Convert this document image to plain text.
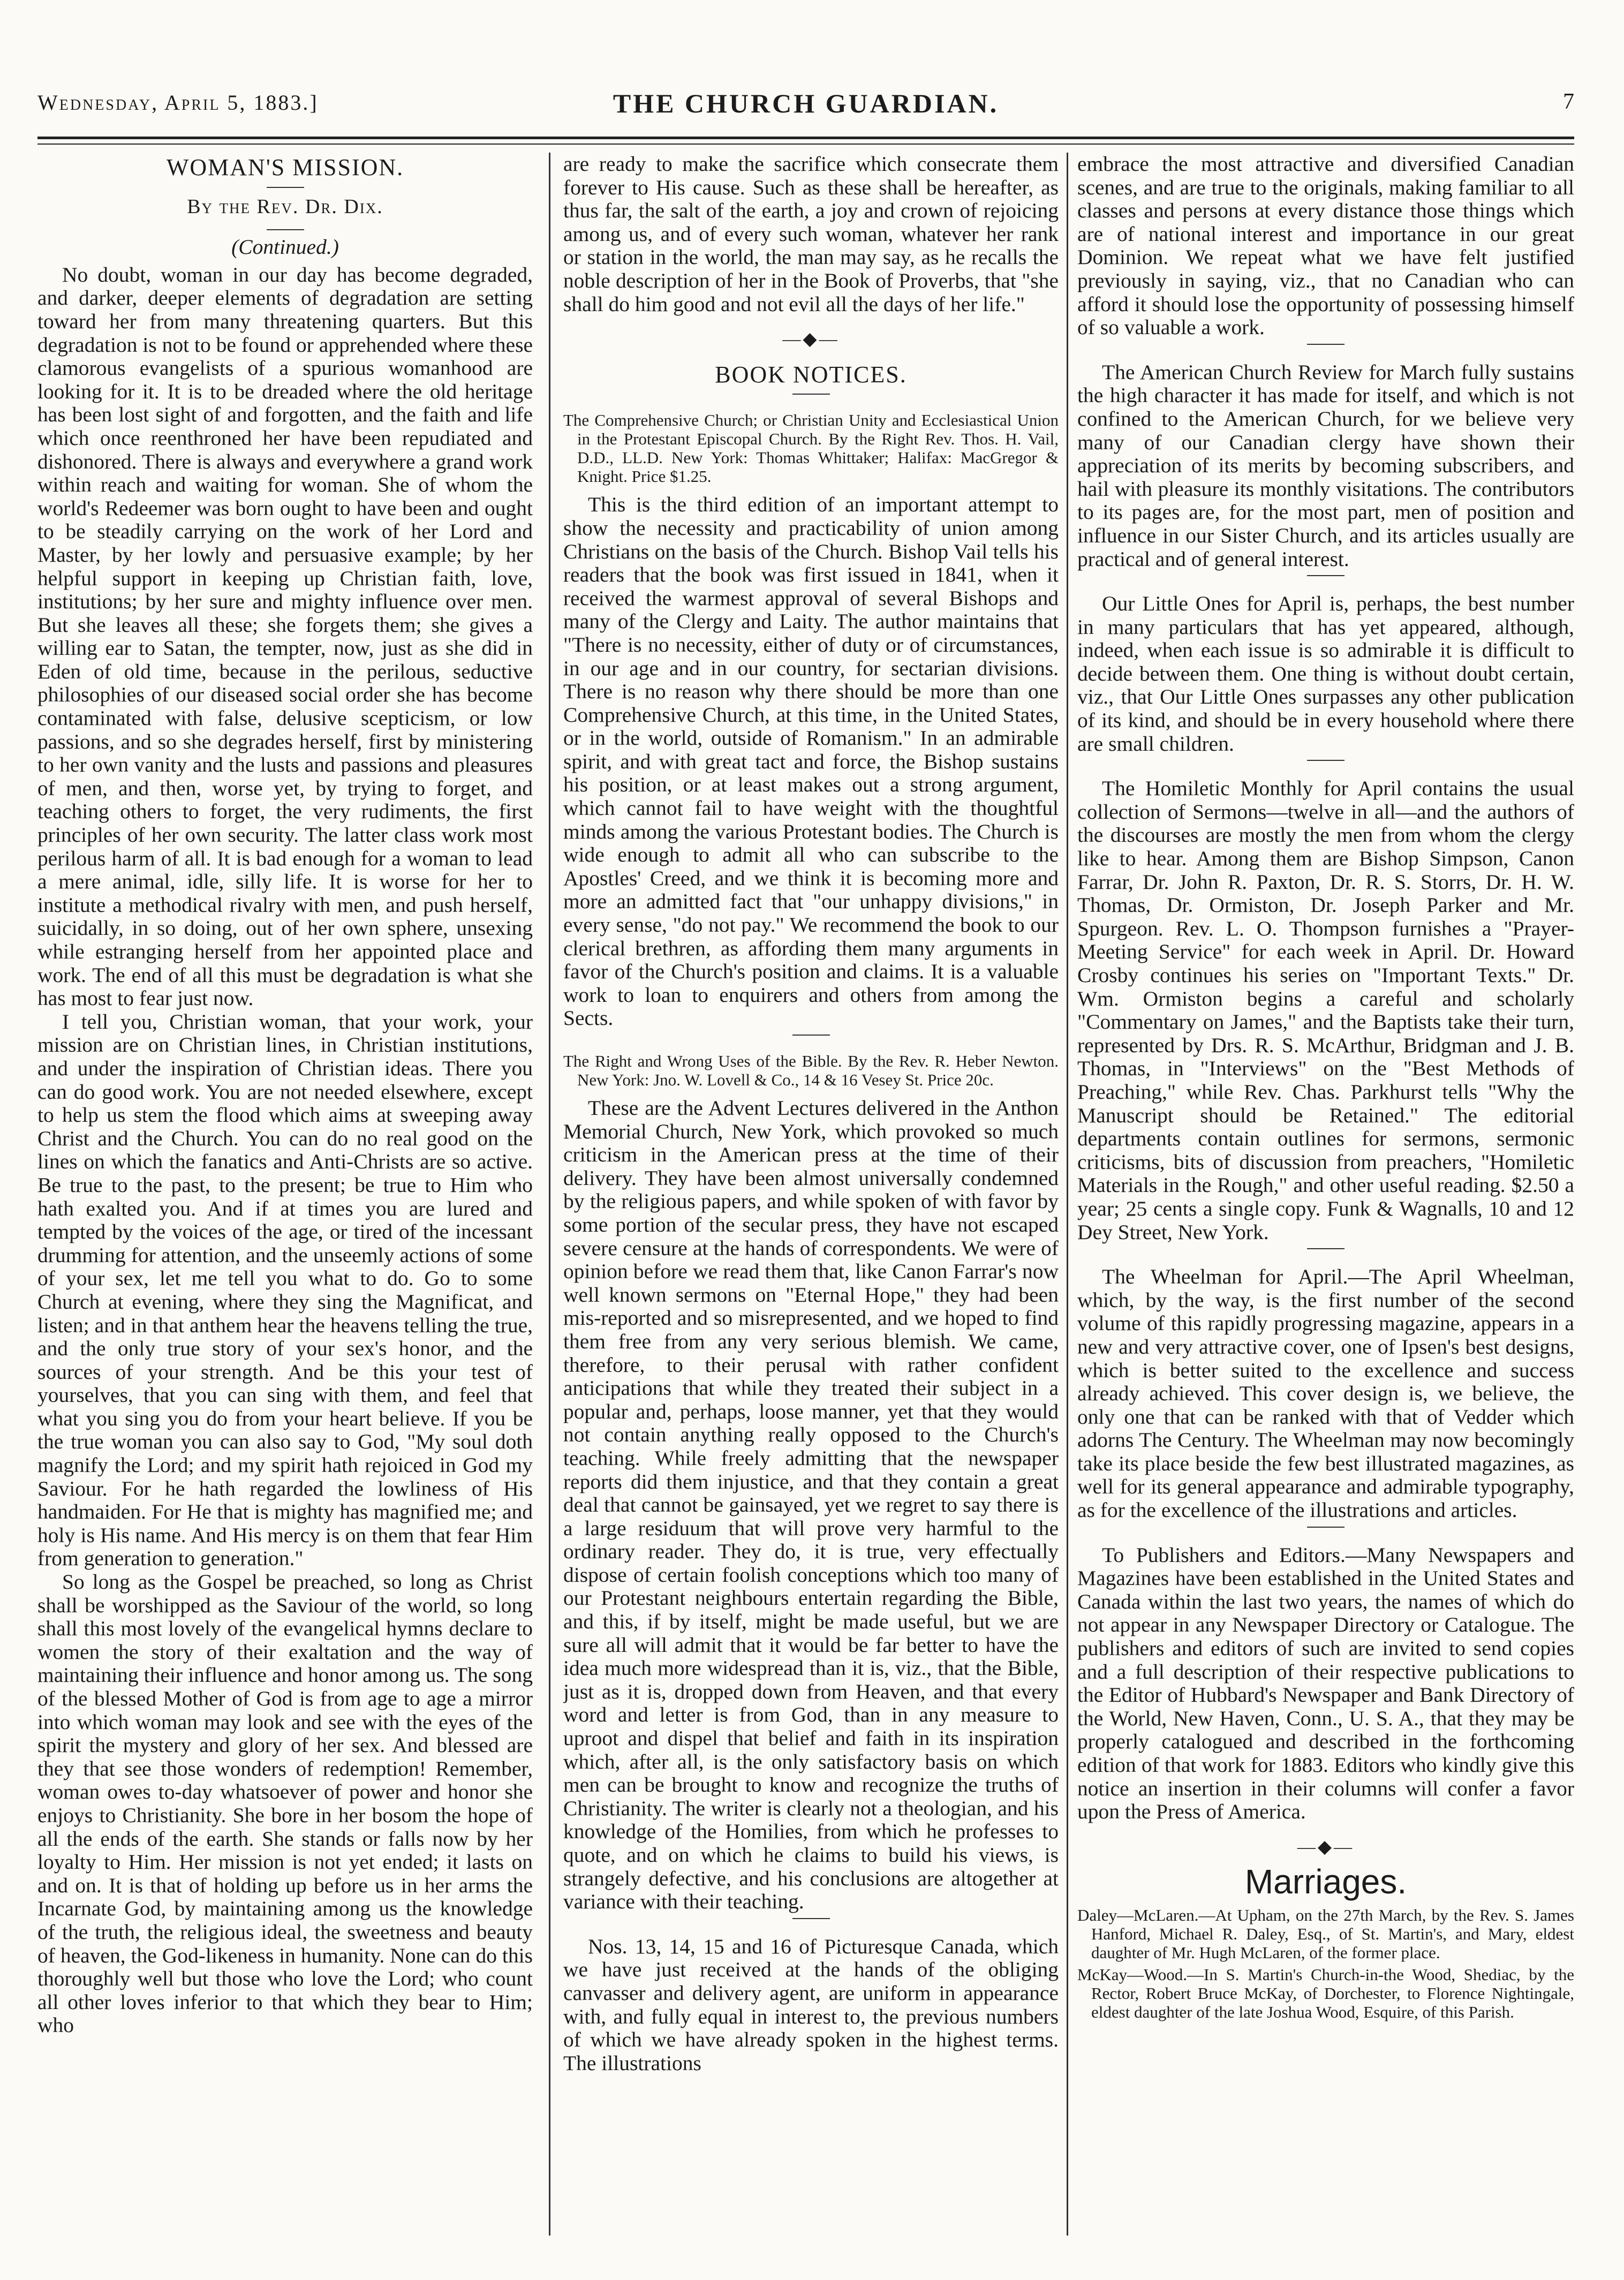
Wednesday, April 5, 1883.]	THE CHURCH GUARDIAN.	7
WOMAN'S MISSION.
By the Rev. Dr. Dix.
(Continued.)

No doubt, woman in our day has become degraded, and darker, deeper elements of degradation are setting toward her from many threatening quarters. But this degradation is not to be found or apprehended where these clamorous evangelists of a spurious womanhood are looking for it. It is to be dreaded where the old heritage has been lost sight of and forgotten, and the faith and life which once reenthroned her have been repudiated and dishonored. There is always and everywhere a grand work within reach and waiting for woman. She of whom the world's Redeemer was born ought to have been and ought to be steadily carrying on the work of her Lord and Master, by her lowly and persuasive example; by her helpful support in keeping up Christian faith, love, institutions; by her sure and mighty influence over men. But she leaves all these; she forgets them; she gives a willing ear to Satan, the tempter, now, just as she did in Eden of old time, because in the perilous, seductive philosophies of our diseased social order she has become contaminated with false, delusive scepticism, or low passions, and so she degrades herself, first by ministering to her own vanity and the lusts and passions and pleasures of men, and then, worse yet, by trying to forget, and teaching others to forget, the very rudiments, the first principles of her own security. The latter class work most perilous harm of all. It is bad enough for a woman to lead a mere animal, idle, silly life. It is worse for her to institute a methodical rivalry with men, and push herself, suicidally, in so doing, out of her own sphere, unsexing while estranging herself from her appointed place and work. The end of all this must be degradation is what she has most to fear just now.

I tell you, Christian woman, that your work, your mission are on Christian lines, in Christian institutions, and under the inspiration of Christian ideas. There you can do good work. You are not needed elsewhere, except to help us stem the flood which aims at sweeping away Christ and the Church. You can do no real good on the lines on which the fanatics and Anti-Christs are so active. Be true to the past, to the present; be true to Him who hath exalted you. And if at times you are lured and tempted by the voices of the age, or tired of the incessant drumming for attention, and the unseemly actions of some of your sex, let me tell you what to do. Go to some Church at evening, where they sing the Magnificat, and listen; and in that anthem hear the heavens telling the true, and the only true story of your sex's honor, and the sources of your strength. And be this your test of yourselves, that you can sing with them, and feel that what you sing you do from your heart believe. If you be the true woman you can also say to God, "My soul doth magnify the Lord; and my spirit hath rejoiced in God my Saviour. For he hath regarded the lowliness of His handmaiden. For He that is mighty has magnified me; and holy is His name. And His mercy is on them that fear Him from generation to generation."

So long as the Gospel be preached, so long as Christ shall be worshipped as the Saviour of the world, so long shall this most lovely of the evangelical hymns declare to women the story of their exaltation and the way of maintaining their influence and honor among us. The song of the blessed Mother of God is from age to age a mirror into which woman may look and see with the eyes of the spirit the mystery and glory of her sex. And blessed are they that see those wonders of redemption! Remember, woman owes to-day whatsoever of power and honor she enjoys to Christianity. She bore in her bosom the hope of all the ends of the earth. She stands or falls now by her loyalty to Him. Her mission is not yet ended; it lasts on and on. It is that of holding up before us in her arms the Incarnate God, by maintaining among us the knowledge of the truth, the religious ideal, the sweetness and beauty of heaven, the God-likeness in humanity. None can do this thoroughly well but those who love the Lord; who count all other loves inferior to that which they bear to Him; who

are ready to make the sacrifice which consecrate them forever to His cause. Such as these shall be hereafter, as thus far, the salt of the earth, a joy and crown of rejoicing among us, and of every such woman, whatever her rank or station in the world, the man may say, as he recalls the noble description of her in the Book of Proverbs, that "she shall do him good and not evil all the days of her life."

—◆—
BOOK NOTICES.
The Comprehensive Church; or Christian Unity and Ecclesiastical Union in the Protestant Episcopal Church. By the Right Rev. Thos. H. Vail, D.D., LL.D. New York: Thomas Whittaker; Halifax: MacGregor & Knight. Price $1.25.

This is the third edition of an important attempt to show the necessity and practicability of union among Christians on the basis of the Church. Bishop Vail tells his readers that the book was first issued in 1841, when it received the warmest approval of several Bishops and many of the Clergy and Laity. The author maintains that "There is no necessity, either of duty or of circumstances, in our age and in our country, for sectarian divisions. There is no reason why there should be more than one Comprehensive Church, at this time, in the United States, or in the world, outside of Romanism." In an admirable spirit, and with great tact and force, the Bishop sustains his position, or at least makes out a strong argument, which cannot fail to have weight with the thoughtful minds among the various Protestant bodies. The Church is wide enough to admit all who can subscribe to the Apostles' Creed, and we think it is becoming more and more an admitted fact that "our unhappy divisions," in every sense, "do not pay." We recommend the book to our clerical brethren, as affording them many arguments in favor of the Church's position and claims. It is a valuable work to loan to enquirers and others from among the Sects.

The Right and Wrong Uses of the Bible. By the Rev. R. Heber Newton. New York: Jno. W. Lovell & Co., 14 & 16 Vesey St. Price 20c.

These are the Advent Lectures delivered in the Anthon Memorial Church, New York, which provoked so much criticism in the American press at the time of their delivery. They have been almost universally condemned by the religious papers, and while spoken of with favor by some portion of the secular press, they have not escaped severe censure at the hands of correspondents. We were of opinion before we read them that, like Canon Farrar's now well known sermons on "Eternal Hope," they had been mis-reported and so misrepresented, and we hoped to find them free from any very serious blemish. We came, therefore, to their perusal with rather confident anticipations that while they treated their subject in a popular and, perhaps, loose manner, yet that they would not contain anything really opposed to the Church's teaching. While freely admitting that the newspaper reports did them injustice, and that they contain a great deal that cannot be gainsayed, yet we regret to say there is a large residuum that will prove very harmful to the ordinary reader. They do, it is true, very effectually dispose of certain foolish conceptions which too many of our Protestant neighbours entertain regarding the Bible, and this, if by itself, might be made useful, but we are sure all will admit that it would be far better to have the idea much more widespread than it is, viz., that the Bible, just as it is, dropped down from Heaven, and that every word and letter is from God, than in any measure to uproot and dispel that belief and faith in its inspiration which, after all, is the only satisfactory basis on which men can be brought to know and recognize the truths of Christianity. The writer is clearly not a theologian, and his knowledge of the Homilies, from which he professes to quote, and on which he claims to build his views, is strangely defective, and his conclusions are altogether at variance with their teaching.

Nos. 13, 14, 15 and 16 of Picturesque Canada, which we have just received at the hands of the obliging canvasser and delivery agent, are uniform in appearance with, and fully equal in interest to, the previous numbers of which we have already spoken in the highest terms. The illustrations

embrace the most attractive and diversified Canadian scenes, and are true to the originals, making familiar to all classes and persons at every distance those things which are of national interest and importance in our great Dominion. We repeat what we have felt justified previously in saying, viz., that no Canadian who can afford it should lose the opportunity of possessing himself of so valuable a work.

The American Church Review for March fully sustains the high character it has made for itself, and which is not confined to the American Church, for we believe very many of our Canadian clergy have shown their appreciation of its merits by becoming subscribers, and hail with pleasure its monthly visitations. The contributors to its pages are, for the most part, men of position and influence in our Sister Church, and its articles usually are practical and of general interest.

Our Little Ones for April is, perhaps, the best number in many particulars that has yet appeared, although, indeed, when each issue is so admirable it is difficult to decide between them. One thing is without doubt certain, viz., that Our Little Ones surpasses any other publication of its kind, and should be in every household where there are small children.

The Homiletic Monthly for April contains the usual collection of Sermons—twelve in all—and the authors of the discourses are mostly the men from whom the clergy like to hear. Among them are Bishop Simpson, Canon Farrar, Dr. John R. Paxton, Dr. R. S. Storrs, Dr. H. W. Thomas, Dr. Ormiston, Dr. Joseph Parker and Mr. Spurgeon. Rev. L. O. Thompson furnishes a "Prayer-Meeting Service" for each week in April. Dr. Howard Crosby continues his series on "Important Texts." Dr. Wm. Ormiston begins a careful and scholarly "Commentary on James," and the Baptists take their turn, represented by Drs. R. S. McArthur, Bridgman and J. B. Thomas, in "Interviews" on the "Best Methods of Preaching," while Rev. Chas. Parkhurst tells "Why the Manuscript should be Retained." The editorial departments contain outlines for sermons, sermonic criticisms, bits of discussion from preachers, "Homiletic Materials in the Rough," and other useful reading. $2.50 a year; 25 cents a single copy. Funk & Wagnalls, 10 and 12 Dey Street, New York.

The Wheelman for April.—The April Wheelman, which, by the way, is the first number of the second volume of this rapidly progressing magazine, appears in a new and very attractive cover, one of Ipsen's best designs, which is better suited to the excellence and success already achieved. This cover design is, we believe, the only one that can be ranked with that of Vedder which adorns The Century. The Wheelman may now becomingly take its place beside the few best illustrated magazines, as well for its general appearance and admirable typography, as for the excellence of the illustrations and articles.

To Publishers and Editors.—Many Newspapers and Magazines have been established in the United States and Canada within the last two years, the names of which do not appear in any Newspaper Directory or Catalogue. The publishers and editors of such are invited to send copies and a full description of their respective publications to the Editor of Hubbard's Newspaper and Bank Directory of the World, New Haven, Conn., U. S. A., that they may be properly catalogued and described in the forthcoming edition of that work for 1883. Editors who kindly give this notice an insertion in their columns will confer a favor upon the Press of America.

—◆—
Marriages.
Daley—McLaren.—At Upham, on the 27th March, by the Rev. S. James Hanford, Michael R. Daley, Esq., of St. Martin's, and Mary, eldest daughter of Mr. Hugh McLaren, of the former place.
McKay—Wood.—In S. Martin's Church-in-the Wood, Shediac, by the Rector, Robert Bruce McKay, of Dorchester, to Florence Nightingale, eldest daughter of the late Joshua Wood, Esquire, of this Parish.
